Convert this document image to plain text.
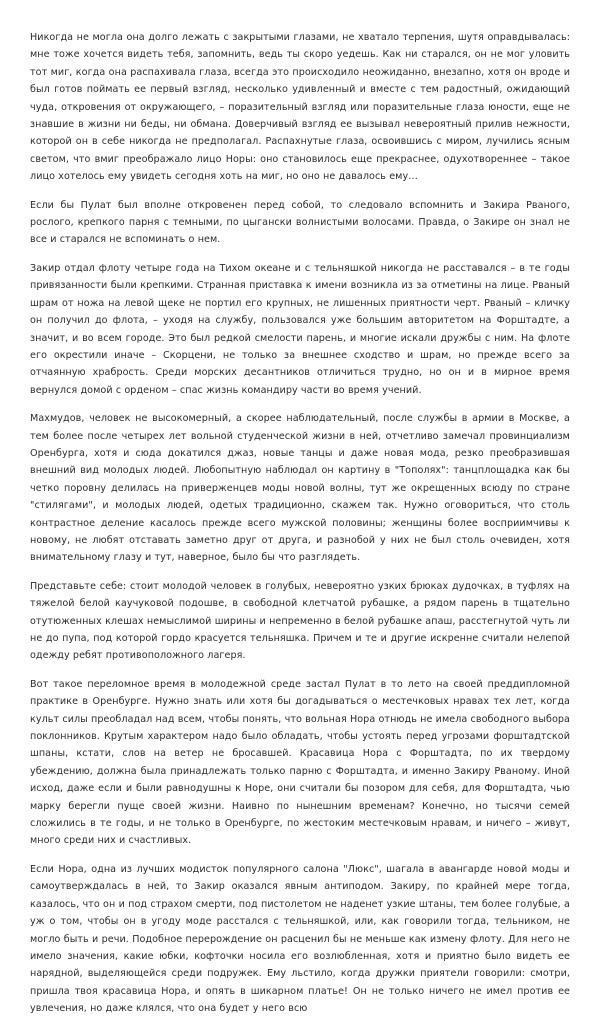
Никогда не могла она долго лежать с закрытыми глазами, не хватало терпения, шутя оправдывалась: мне тоже хочется видеть тебя, запомнить, ведь ты скоро уедешь. Как ни старался, он не мог уловить тот миг, когда она распахивала глаза, всегда это происходило неожиданно, внезапно, хотя он вроде и был готов поймать ее первый взгляд, несколько удивленный и вместе с тем радостный, ожидающий чуда, откровения от окружающего, – поразительный взгляд или поразительные глаза юности, еще не знавшие в жизни ни беды, ни обмана. Доверчивый взгляд ее вызывал невероятный прилив нежности, которой он в себе никогда не предполагал. Распахнутые глаза, освоившись с миром, лучились ясным светом, что вмиг преображало лицо Норы: оно становилось еще прекраснее, одухотвореннее – такое лицо хотелось ему увидеть сегодня хоть на миг, но оно не давалось ему…

Если бы Пулат был вполне откровенен перед собой, то следовало вспомнить и Закира Рваного, рослого, крепкого парня с темными, по цыгански волнистыми волосами. Правда, о Закире он знал не все и старался не вспоминать о нем.

Закир отдал флоту четыре года на Тихом океане и с тельняшкой никогда не расставался – в те годы привязанности были крепкими. Странная приставка к имени возникла из за отметины на лице. Рваный шрам от ножа на левой щеке не портил его крупных, не лишенных приятности черт. Рваный – кличку он получил до флота, – уходя на службу, пользовался уже большим авторитетом на Форштадте, а значит, и во всем городе. Это был редкой смелости парень, и многие искали дружбы с ним. На флоте его окрестили иначе – Скорцени, не только за внешнее сходство и шрам, но прежде всего за отчаянную храбрость. Среди морских десантников отличиться трудно, но он и в мирное время вернулся домой с орденом – спас жизнь командиру части во время учений.

Махмудов, человек не высокомерный, а скорее наблюдательный, после службы в армии в Москве, а тем более после четырех лет вольной студенческой жизни в ней, отчетливо замечал провинциализм Оренбурга, хотя и сюда докатился джаз, новые танцы и даже новая мода, резко преобразившая внешний вид молодых людей. Любопытную наблюдал он картину в "Тополях": танцплощадка как бы четко поровну делилась на приверженцев моды новой волны, тут же окрещенных всюду по стране "стилягами", и молодых людей, одетых традиционно, скажем так. Нужно оговориться, что столь контрастное деление касалось прежде всего мужской половины; женщины более восприимчивы к новому, не любят отставать заметно друг от друга, и разнобой у них не был столь очевиден, хотя внимательному глазу и тут, наверное, было бы что разглядеть.

Представьте себе: стоит молодой человек в голубых, невероятно узких брюках дудочках, в туфлях на тяжелой белой каучуковой подошве, в свободной клетчатой рубашке, а рядом парень в тщательно отутюженных клешах немыслимой ширины и непременно в белой рубашке апаш, расстегнутой чуть ли не до пупа, под которой гордо красуется тельняшка. Причем и те и другие искренне считали нелепой одежду ребят противоположного лагеря.

Вот такое переломное время в молодежной среде застал Пулат в то лето на своей преддипломной практике в Оренбурге. Нужно знать или хотя бы догадываться о местечковых нравах тех лет, когда культ силы преобладал над всем, чтобы понять, что вольная Нора отнюдь не имела свободного выбора поклонников. Крутым характером надо было обладать, чтобы устоять перед угрозами форштадтской шпаны, кстати, слов на ветер не бросавшей. Красавица Нора с Форштадта, по их твердому убеждению, должна была принадлежать только парню с Форштадта, и именно Закиру Рваному. Иной исход, даже если и были равнодушны к Норе, они считали бы позором для себя, для Форштадта, чью марку берегли пуще своей жизни. Наивно по нынешним временам? Конечно, но тысячи семей сложились в те годы, и не только в Оренбурге, по жестоким местечковым нравам, и ничего – живут, много среди них и счастливых.

Если Нора, одна из лучших модисток популярного салона "Люкс", шагала в авангарде новой моды и самоутверждалась в ней, то Закир оказался явным антиподом. Закиру, по крайней мере тогда, казалось, что он и под страхом смерти, под пистолетом не наденет узкие штаны, тем более голубые, а уж о том, чтобы он в угоду моде расстался с тельняшкой, или, как говорили тогда, тельником, не могло быть и речи. Подобное перерождение он расценил бы не меньше как измену флоту. Для него не имело значения, какие юбки, кофточки носила его возлюбленная, хотя и приятно было видеть ее нарядной, выделяющейся среди подружек. Ему льстило, когда дружки приятели говорили: смотри, пришла твоя красавица Нора, и опять в шикарном платье! Он не только ничего не имел против ее увлечения, но даже клялся, что она будет у него всю
